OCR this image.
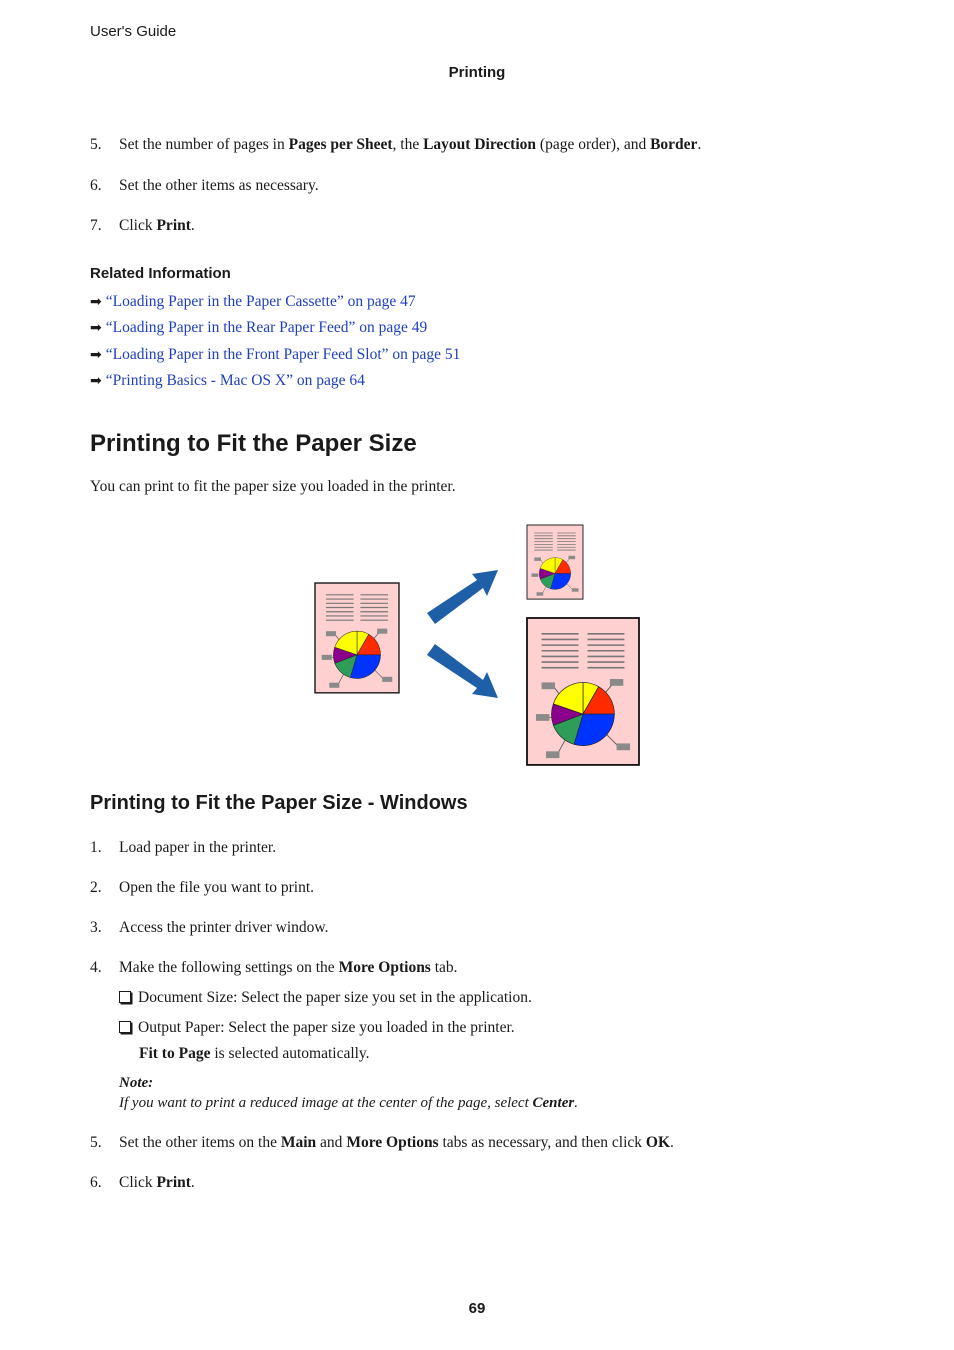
User's Guide
Printing
5. Set the number of pages in Pages per Sheet, the Layout Direction (page order), and Border.
6. Set the other items as necessary.
7. Click Print.
Related Information
➡ “Loading Paper in the Paper Cassette” on page 47
➡ “Loading Paper in the Rear Paper Feed” on page 49
➡ “Loading Paper in the Front Paper Feed Slot” on page 51
➡ “Printing Basics - Mac OS X” on page 64
Printing to Fit the Paper Size
You can print to fit the paper size you loaded in the printer.
Printing to Fit the Paper Size - Windows
1. Load paper in the printer.
2. Open the file you want to print.
3. Access the printer driver window.
4. Make the following settings on the More Options tab.
Document Size: Select the paper size you set in the application.
Output Paper: Select the paper size you loaded in the printer.
Fit to Page is selected automatically.
Note:
If you want to print a reduced image at the center of the page, select Center.
5. Set the other items on the Main and More Options tabs as necessary, and then click OK.
6. Click Print.
69
